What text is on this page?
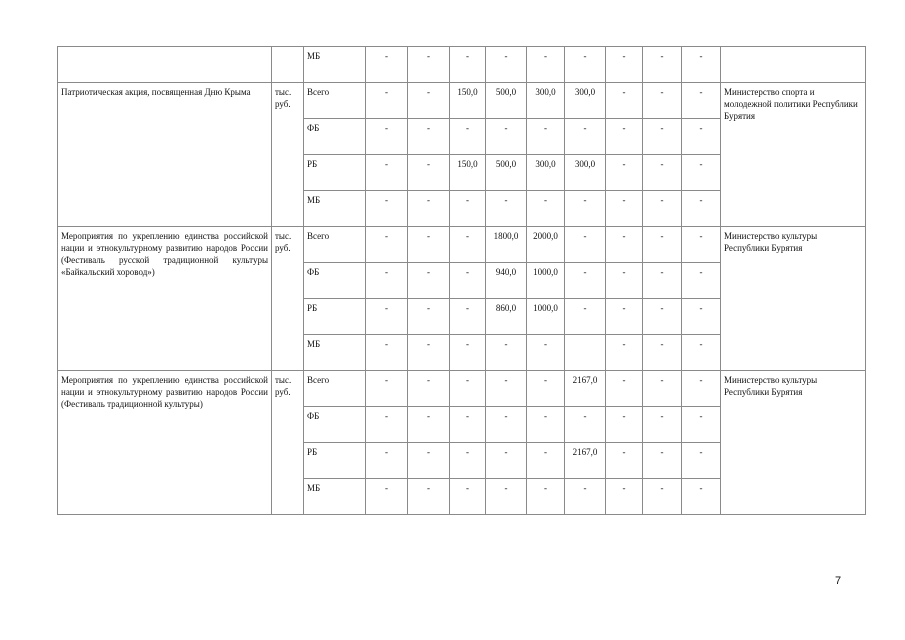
		МБ	-	-	-	-	-	-	-	-	-	
Патриотическая акция, посвященная Дню Крыма	тыс. руб.	Всего	-	-	150,0	500,0	300,0	300,0	-	-	-	Министерство спорта и молодежной политики Республики Бурятия
		ФБ	-	-	-	-	-	-	-	-	-	
		РБ	-	-	150,0	500,0	300,0	300,0	-	-	-	
		МБ	-	-	-	-	-	-	-	-	-	
Мероприятия по укреплению единства российской нации и этнокультурному развитию народов России (Фестиваль русской традиционной культуры «Байкальский хоровод»)	тыс. руб.	Всего	-	-	-	1800,0	2000,0	-	-	-	-	Министерство культуры Республики Бурятия
		ФБ	-	-	-	940,0	1000,0	-	-	-	-	
		РБ	-	-	-	860,0	1000,0	-	-	-	-	
		МБ	-	-	-	-	-		-	-	-	
Мероприятия по укреплению единства российской нации и этнокультурному развитию народов России (Фестиваль традиционной культуры)	тыс. руб.	Всего	-	-	-	-	-	2167,0	-	-	-	Министерство культуры Республики Бурятия
		ФБ	-	-	-	-	-	-	-	-	-	
		РБ	-	-	-	-	-	2167,0	-	-	-	
		МБ	-	-	-	-	-	-	-	-	-	
7
